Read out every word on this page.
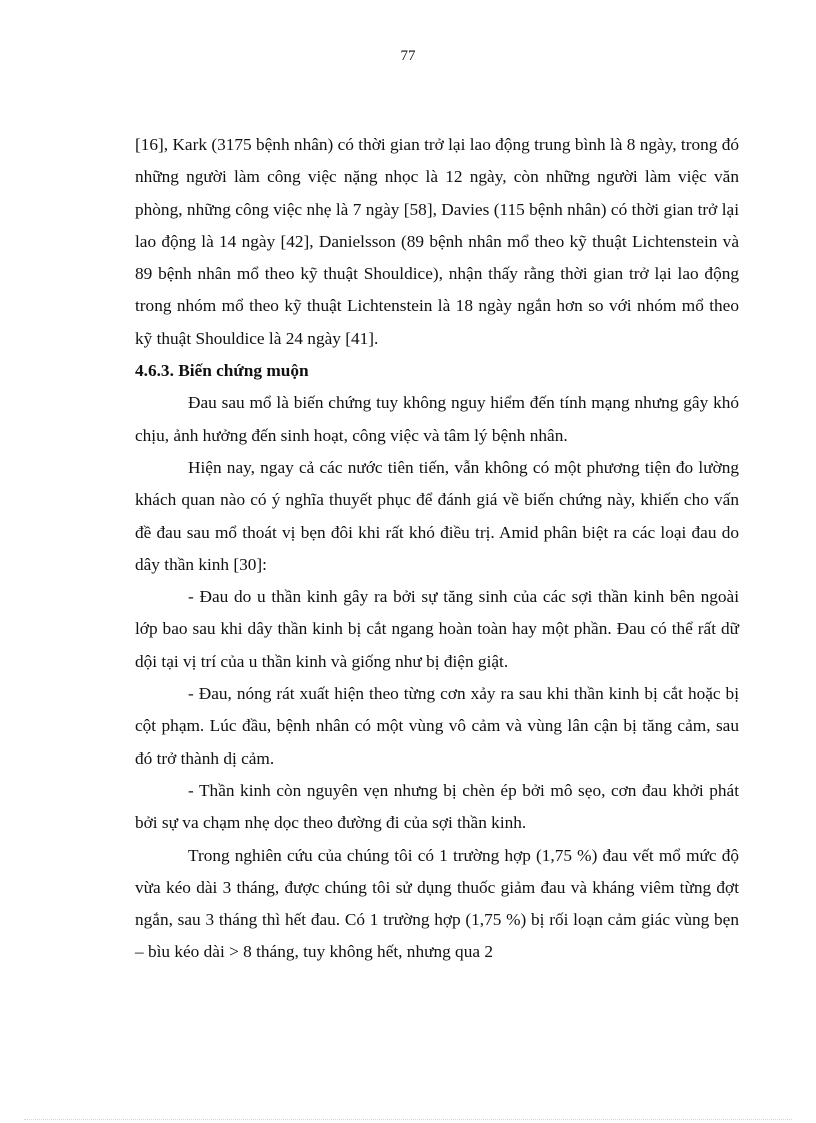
77

[16], Kark (3175 bệnh nhân) có thời gian trở lại lao động trung bình là 8 ngày, trong đó những người làm công việc nặng nhọc là 12 ngày, còn những người làm việc văn phòng, những công việc nhẹ là 7 ngày [58], Davies (115 bệnh nhân) có thời gian trở lại lao động là 14 ngày [42], Danielsson (89 bệnh nhân mổ theo kỹ thuật Lichtenstein và 89 bệnh nhân mổ theo kỹ thuật Shouldice), nhận thấy rằng thời gian trở lại lao động trong nhóm mổ theo kỹ thuật Lichtenstein là 18 ngày ngắn hơn so với nhóm mổ theo kỹ thuật Shouldice là 24 ngày [41].

4.6.3. Biến chứng muộn

Đau sau mổ là biến chứng tuy không nguy hiểm đến tính mạng nhưng gây khó chịu, ảnh hưởng đến sinh hoạt, công việc và tâm lý bệnh nhân.

Hiện nay, ngay cả các nước tiên tiến, vẫn không có một phương tiện đo lường khách quan nào có ý nghĩa thuyết phục để đánh giá về biến chứng này, khiến cho vấn đề đau sau mổ thoát vị bẹn đôi khi rất khó điều trị. Amid phân biệt ra các loại đau do dây thần kinh [30]:

- Đau do u thần kinh gây ra bởi sự tăng sinh của các sợi thần kinh bên ngoài lớp bao sau khi dây thần kinh bị cắt ngang hoàn toàn hay một phần. Đau có thể rất dữ dội tại vị trí của u thần kinh và giống như bị điện giật.

- Đau, nóng rát xuất hiện theo từng cơn xảy ra sau khi thần kinh bị cắt hoặc bị cột phạm. Lúc đầu, bệnh nhân có một vùng vô cảm và vùng lân cận bị tăng cảm, sau đó trở thành dị cảm.

- Thần kinh còn nguyên vẹn nhưng bị chèn ép bởi mô sẹo, cơn đau khởi phát bởi sự va chạm nhẹ dọc theo đường đi của sợi thần kinh.

Trong nghiên cứu của chúng tôi có 1 trường hợp (1,75 %) đau vết mổ mức độ vừa kéo dài 3 tháng, được chúng tôi sử dụng thuốc giảm đau và kháng viêm từng đợt ngắn, sau 3 tháng thì hết đau. Có 1 trường hợp (1,75 %) bị rối loạn cảm giác vùng bẹn – bìu kéo dài > 8 tháng, tuy không hết, nhưng qua 2
